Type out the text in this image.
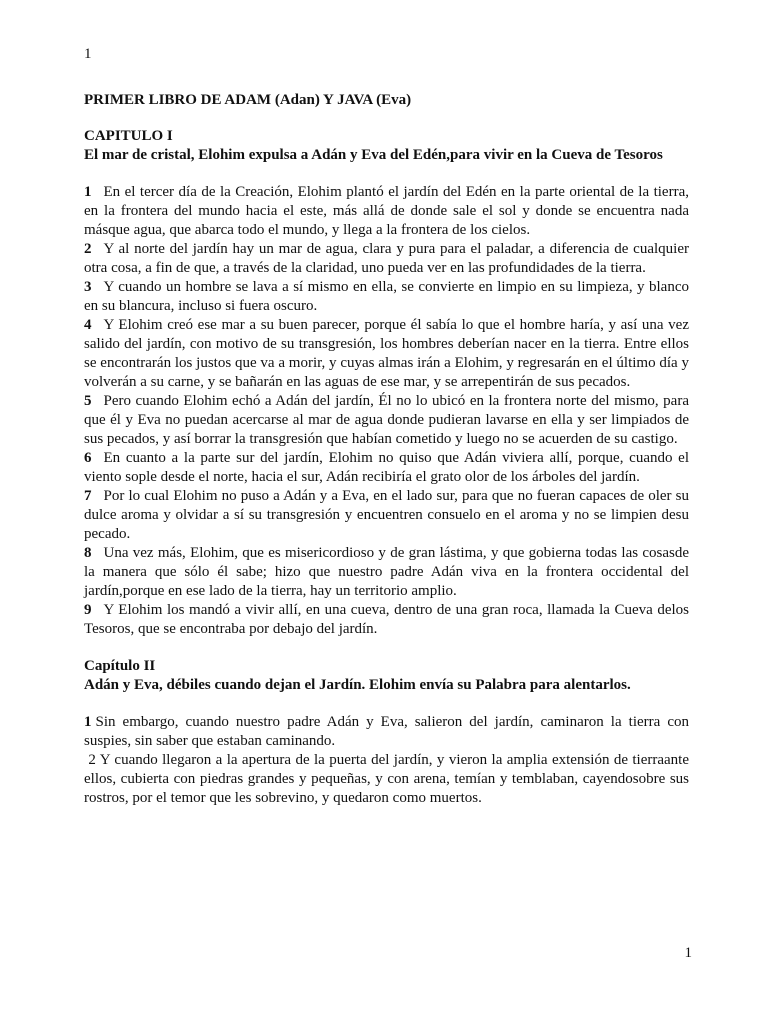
1

PRIMER LIBRO DE ADAM (Adan) Y JAVA (Eva)

CAPITULO I

El mar de cristal, Elohim expulsa a Adán y Eva del Edén,para vivir en la Cueva de Tesoros

1 En el tercer día de la Creación, Elohim plantó el jardín del Edén en la parte oriental de la tierra, en la frontera del mundo hacia el este, más allá de donde sale el sol y donde se encuentra nada másque agua, que abarca todo el mundo, y llega a la frontera de los cielos.

2 Y al norte del jardín hay un mar de agua, clara y pura para el paladar, a diferencia de cualquier otra cosa, a fin de que, a través de la claridad, uno pueda ver en las profundidades de la tierra.

3 Y cuando un hombre se lava a sí mismo en ella, se convierte en limpio en su limpieza, y blanco en su blancura, incluso si fuera oscuro.

4 Y Elohim creó ese mar a su buen parecer, porque él sabía lo que el hombre haría, y así una vez salido del jardín, con motivo de su transgresión, los hombres deberían nacer en la tierra. Entre ellos se encontrarán los justos que va a morir, y cuyas almas irán a Elohim, y regresarán en el último día y volverán a su carne, y se bañarán en las aguas de ese mar, y se arrepentirán de sus pecados.

5 Pero cuando Elohim echó a Adán del jardín, Él no lo ubicó en la frontera norte del mismo, para que él y Eva no puedan acercarse al mar de agua donde pudieran lavarse en ella y ser limpiados de sus pecados, y así borrar la transgresión que habían cometido y luego no se acuerden de su castigo.

6 En cuanto a la parte sur del jardín, Elohim no quiso que Adán viviera allí, porque, cuando el viento sople desde el norte, hacia el sur, Adán recibiría el grato olor de los árboles del jardín.

7 Por lo cual Elohim no puso a Adán y a Eva, en el lado sur, para que no fueran capaces de oler su dulce aroma y olvidar a sí su transgresión y encuentren consuelo en el aroma y no se limpien desu pecado.

8 Una vez más, Elohim, que es misericordioso y de gran lástima, y que gobierna todas las cosasde la manera que sólo él sabe; hizo que nuestro padre Adán viva en la frontera occidental del jardín,porque en ese lado de la tierra, hay un territorio amplio.

9 Y Elohim los mandó a vivir allí, en una cueva, dentro de una gran roca, llamada la Cueva delos Tesoros, que se encontraba por debajo del jardín.

Capítulo II

Adán y Eva, débiles cuando dejan el Jardín. Elohim envía su Palabra para alentarlos.

1 Sin embargo, cuando nuestro padre Adán y Eva, salieron del jardín, caminaron la tierra con suspies, sin saber que estaban caminando.

2 Y cuando llegaron a la apertura de la puerta del jardín, y vieron la amplia extensión de tierraante ellos, cubierta con piedras grandes y pequeñas, y con arena, temían y temblaban, cayendosobre sus rostros, por el temor que les sobrevino, y quedaron como muertos.

1
